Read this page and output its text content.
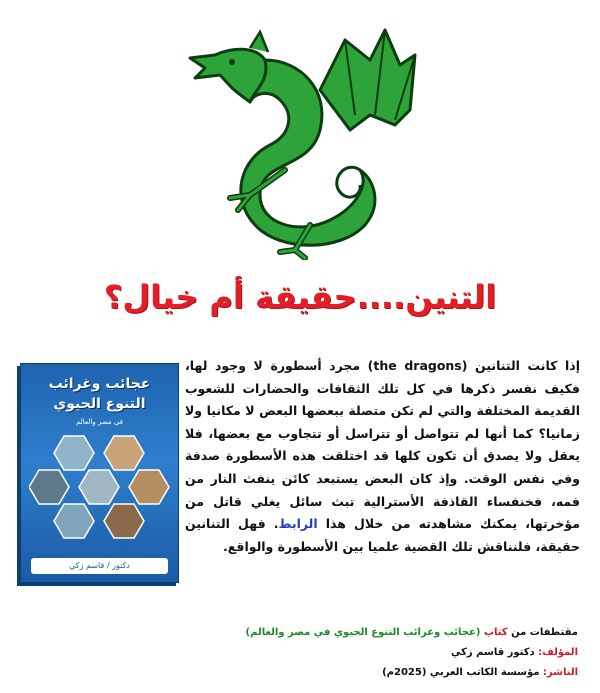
التنين....حقيقة أم خيال؟
عجائب وغرائب
التنوع الحيوي
في مصر والعالم
دكتور / قاسم زكي

إذا كانت التنانين (the dragons) مجرد أسطورة لا وجود لها، فكيف نفسر ذكرها في كل تلك الثقافات والحضارات للشعوب القديمة المختلفة والتي لم تكن متصلة ببعضها البعض لا مكانيا ولا زمانيا؟ كما أنها لم تتواصل أو تتراسل أو تتجاوب مع بعضها، فلا يعقل ولا يصدق أن تكون كلها قد اختلقت هذه الأسطورة صدفة وفي نفس الوقت. وإذ كان البعض يستبعد كائن ينفث النار من فمه، فخنفساء القاذفة الأسترالية تبث سائل يغلي قاتل من مؤخرتها، يمكنك مشاهدته من خلال هذا الرابط. فهل التنانين حقيقة، فلنناقش تلك القضية علميا بين الأسطورة والواقع.

مقتطفات من كتاب (عجائب وغرائب التنوع الحيوي في مصر والعالم)
المؤلف: دكتور قاسم زكي
الناشر: مؤسسة الكاتب العربي (2025م)
